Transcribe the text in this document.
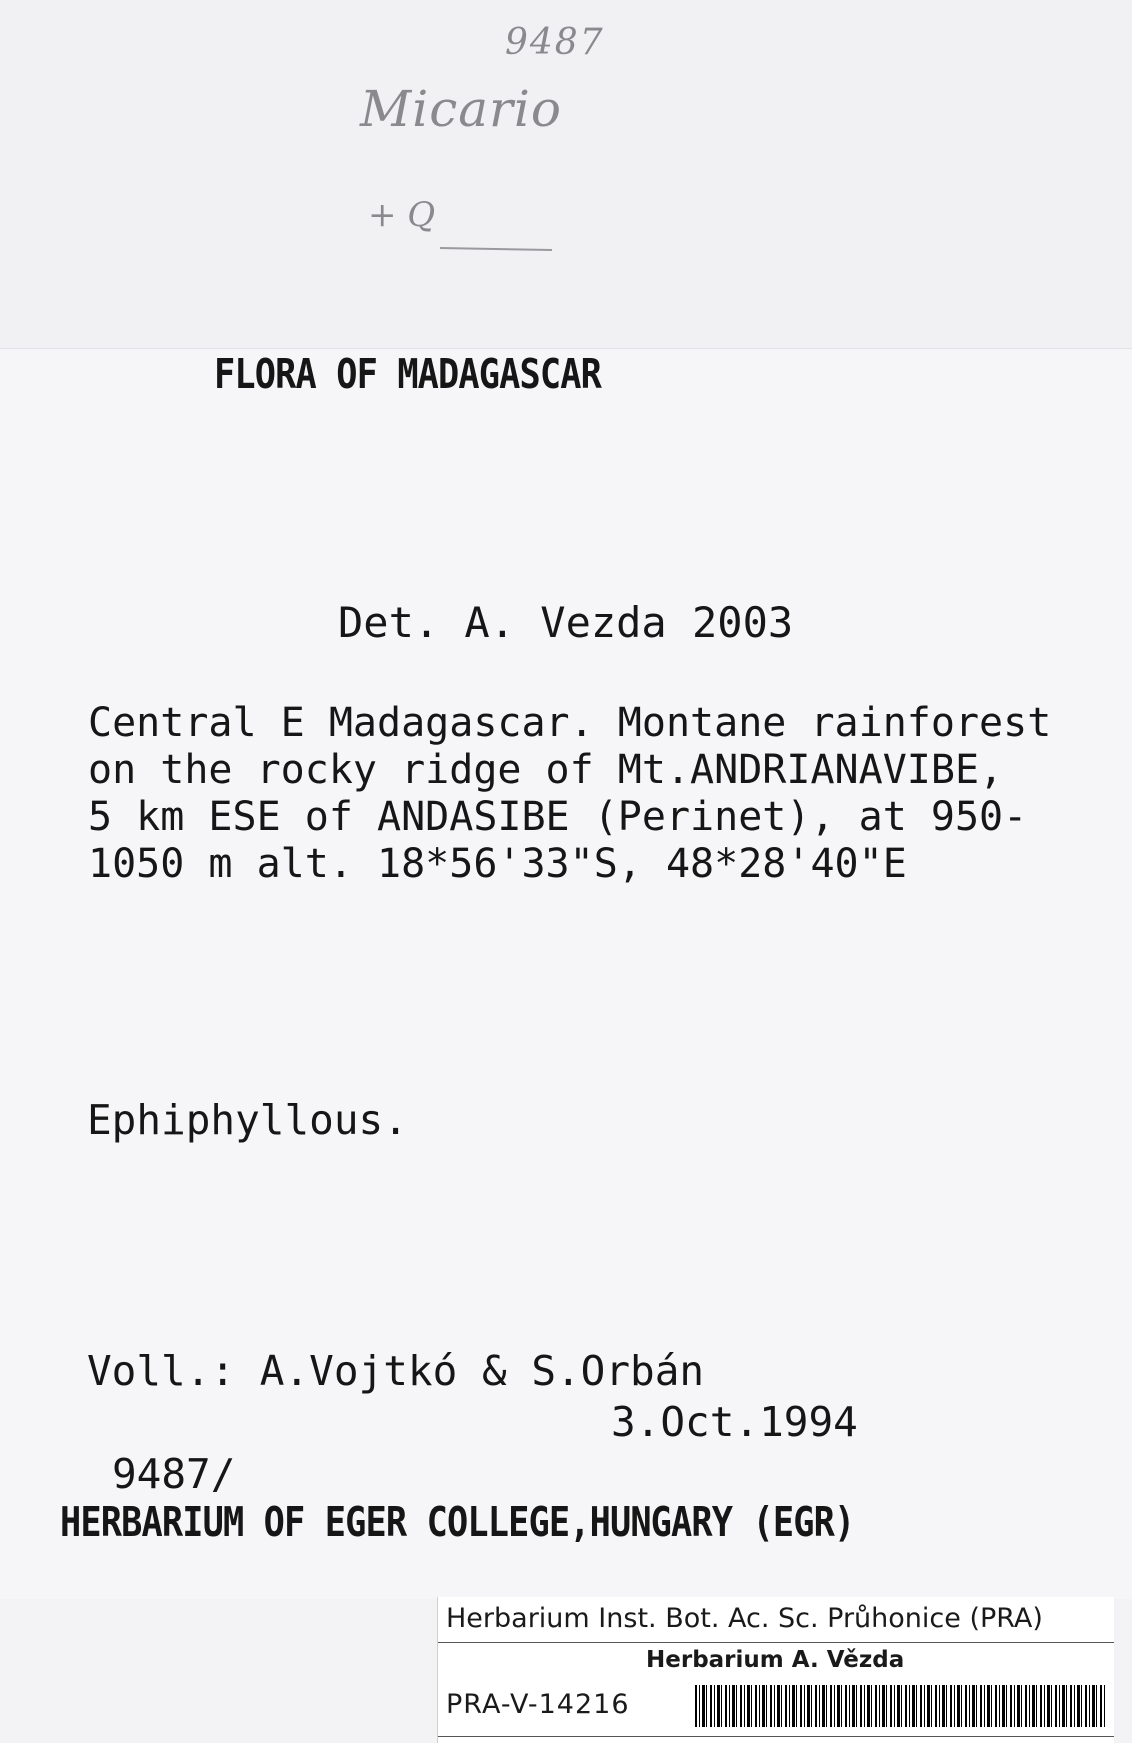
9487
Micario
+ Q

FLORA OF MADAGASCAR

Det. A. Vezda 2003

Central E Madagascar. Montane rainforest
on the rocky ridge of Mt.ANDRIANAVIBE,
5 km ESE of ANDASIBE (Perinet), at 950-
1050 m alt. 18*56'33"S, 48*28'40"E

Ephiphyllous.

Voll.: A.Vojtkó & S.Orbán

3.Oct.1994

9487/

HERBARIUM OF EGER COLLEGE,HUNGARY (EGR)

Herbarium Inst. Bot. Ac. Sc. Průhonice (PRA)
Herbarium A. Vězda
PRA-V-14216
